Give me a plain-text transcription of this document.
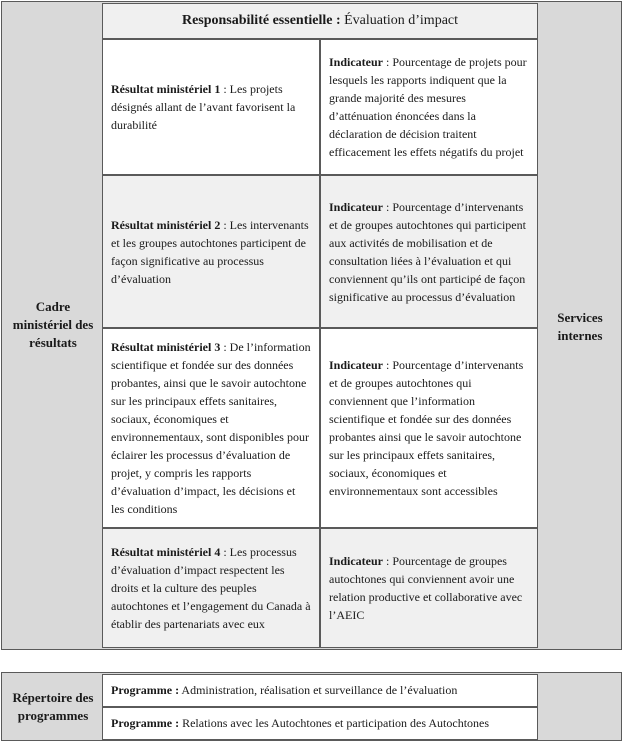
Cadre ministériel des résultats
Services internes
Responsabilité essentielle :
Évaluation d’impact
Résultat ministériel 1 : Les projets désignés allant de l’avant favorisent la durabilité
Indicateur : Pourcentage de projets pour lesquels les rapports indiquent que la grande majorité des mesures d’atténuation énoncées dans la déclaration de décision traitent efficacement les effets négatifs du projet
Résultat ministériel 2 : Les intervenants et les groupes autochtones participent de façon significative au processus d’évaluation
Indicateur : Pourcentage d’intervenants et de groupes autochtones qui participent aux activités de mobilisation et de consultation liées à l’évaluation et qui conviennent qu’ils ont participé de façon significative au processus d’évaluation
Résultat ministériel 3 : De l’information scientifique et fondée sur des données probantes, ainsi que le savoir autochtone sur les principaux effets sanitaires, sociaux, économiques et environnementaux, sont disponibles pour éclairer les processus d’évaluation de projet, y compris les rapports d’évaluation d’impact, les décisions et les conditions
Indicateur : Pourcentage d’intervenants et de groupes autochtones qui conviennent que l’information scientifique et fondée sur des données probantes ainsi que le savoir autochtone sur les principaux effets sanitaires, sociaux, économiques et environnementaux sont accessibles
Résultat ministériel 4 : Les processus d’évaluation d’impact respectent les droits et la culture des peuples autochtones et l’engagement du Canada à établir des partenariats avec eux
Indicateur : Pourcentage de groupes autochtones qui conviennent avoir une relation productive et collaborative avec l’AEIC
Répertoire des programmes
Programme : Administration, réalisation et surveillance de l’évaluation
Programme : Relations avec les Autochtones et participation des Autochtones
